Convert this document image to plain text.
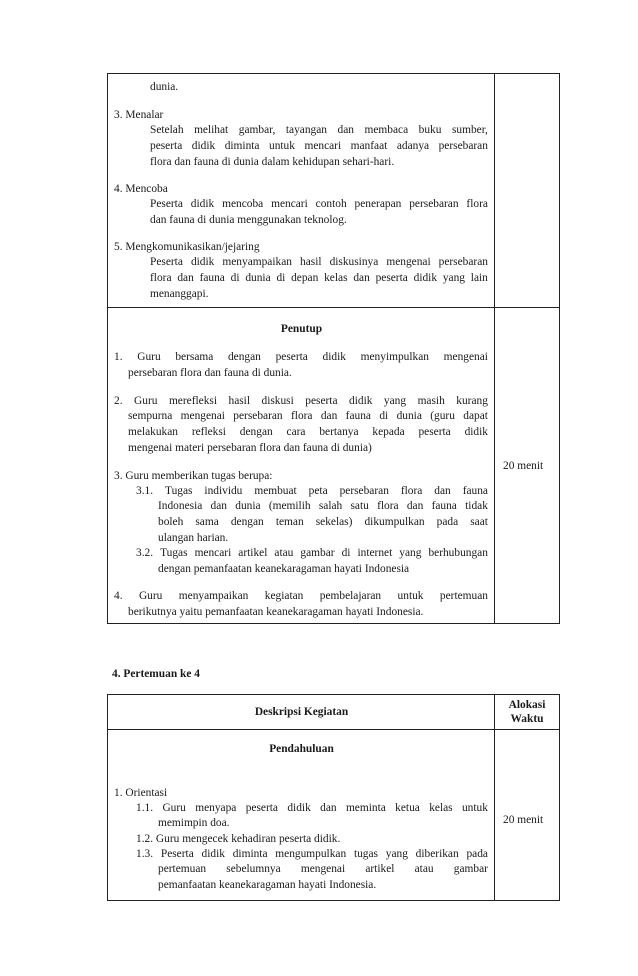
dunia.
3. Menalar
Setelah melihat gambar, tayangan dan membaca buku sumber,
peserta didik diminta untuk mencari manfaat adanya persebaran
flora dan fauna di dunia dalam kehidupan sehari-hari.
4. Mencoba
Peserta didik mencoba mencari contoh penerapan persebaran flora
dan fauna di dunia menggunakan teknolog.
5. Mengkomunikasikan/jejaring
Peserta didik menyampaikan hasil diskusinya mengenai persebaran
flora dan fauna di dunia di depan kelas dan peserta didik yang lain
menanggapi.
Penutup
1. Guru bersama dengan peserta didik menyimpulkan mengenai
persebaran flora dan fauna di dunia.
2. Guru merefleksi hasil diskusi peserta didik yang masih kurang
sempurna mengenai persebaran flora dan fauna di dunia (guru dapat
melakukan refleksi dengan cara bertanya kepada peserta didik
mengenai materi persebaran flora dan fauna di dunia)
3. Guru memberikan tugas berupa:
3.1. Tugas individu membuat peta persebaran flora dan fauna
Indonesia dan dunia (memilih salah satu flora dan fauna tidak
boleh sama dengan teman sekelas) dikumpulkan pada saat
ulangan harian.
3.2. Tugas mencari artikel atau gambar di internet yang berhubungan
dengan pemanfaatan keanekaragaman hayati Indonesia
4. Guru menyampaikan kegiatan pembelajaran untuk pertemuan
berikutnya yaitu pemanfaatan keanekaragaman hayati Indonesia.
20 menit
4. Pertemuan ke 4
Deskripsi Kegiatan
Alokasi
Waktu
Pendahuluan
1. Orientasi
1.1. Guru menyapa peserta didik dan meminta ketua kelas untuk
memimpin doa.
1.2. Guru mengecek kehadiran peserta didik.
1.3. Peserta didik diminta mengumpulkan tugas yang diberikan pada
pertemuan sebelumnya mengenai artikel atau gambar
pemanfaatan keanekaragaman hayati Indonesia.
20 menit
